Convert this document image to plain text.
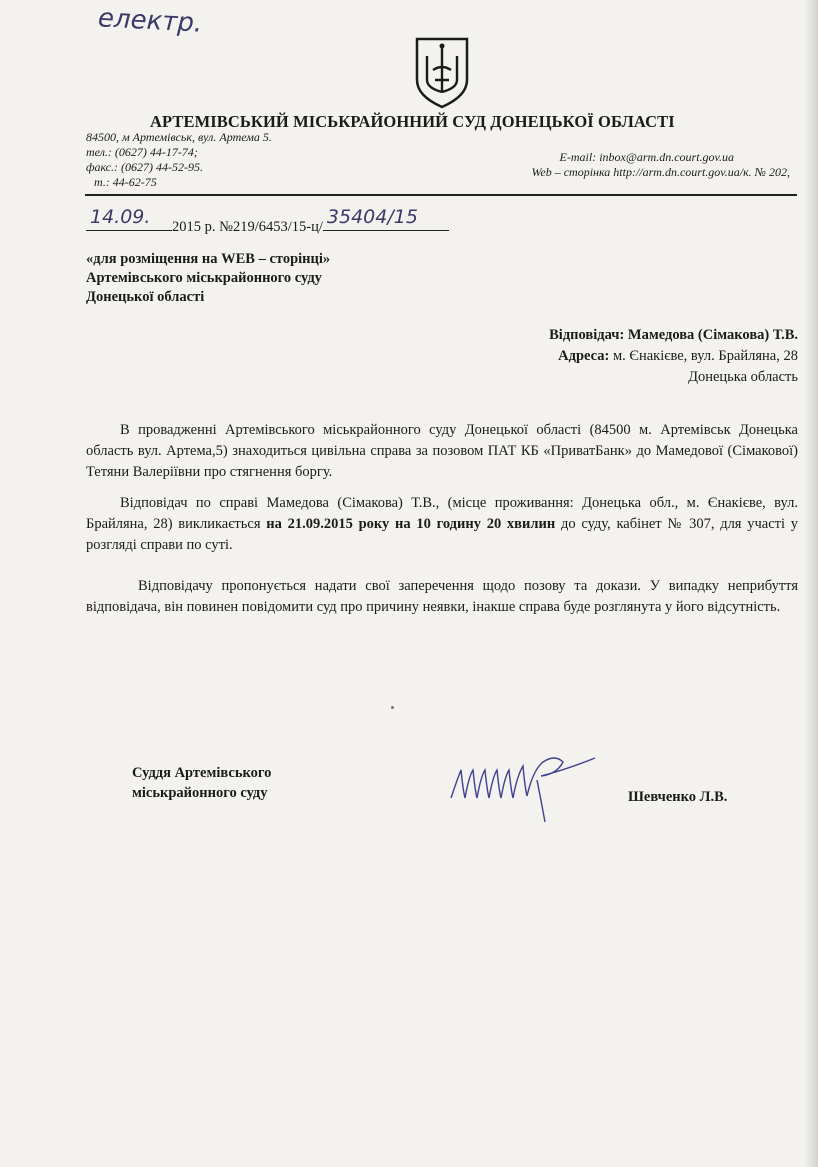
електр.
АРТЕМІВСЬКИЙ МІСЬКРАЙОННИЙ СУД ДОНЕЦЬКОЇ ОБЛАСТІ
84500, м Артемівськ, вул. Артема 5.
тел.: (0627) 44-17-74;
факс.: (0627) 44-52-95.
т.: 44-62-75
E-mail: inbox@arm.dn.court.gov.ua
Web – сторінка http://arm.dn.court.gov.ua/к. № 202,
14.09. 2015 р. №219/6453/15-ц/ 35404/15
«для розміщення на WEB – сторінці»
Артемівського міськрайонного суду
Донецької області
Відповідач: Мамедова (Сімакова) Т.В.
Адреса: м. Єнакієве, вул. Брайляна, 28
Донецька область
В провадженні Артемівського міськрайонного суду Донецької області (84500 м. Артемівськ Донецька область вул. Артема,5) знаходиться цивільна справа за позовом ПАТ КБ «ПриватБанк» до Мамедової (Сімакової) Тетяни Валеріївни про стягнення боргу.
Відповідач по справі Мамедова (Сімакова) Т.В., (місце проживання: Донецька обл., м. Єнакієве, вул. Брайляна, 28) викликається на 21.09.2015 року на 10 годину 20 хвилин до суду, кабінет № 307, для участі у розгляді справи по суті.
Відповідачу пропонується надати свої заперечення щодо позову та докази. У випадку неприбуття відповідача, він повинен повідомити суд про причину неявки, інакше справа буде розглянута у його відсутність.
Суддя Артемівського
міськрайонного суду	Шевченко Л.В.
